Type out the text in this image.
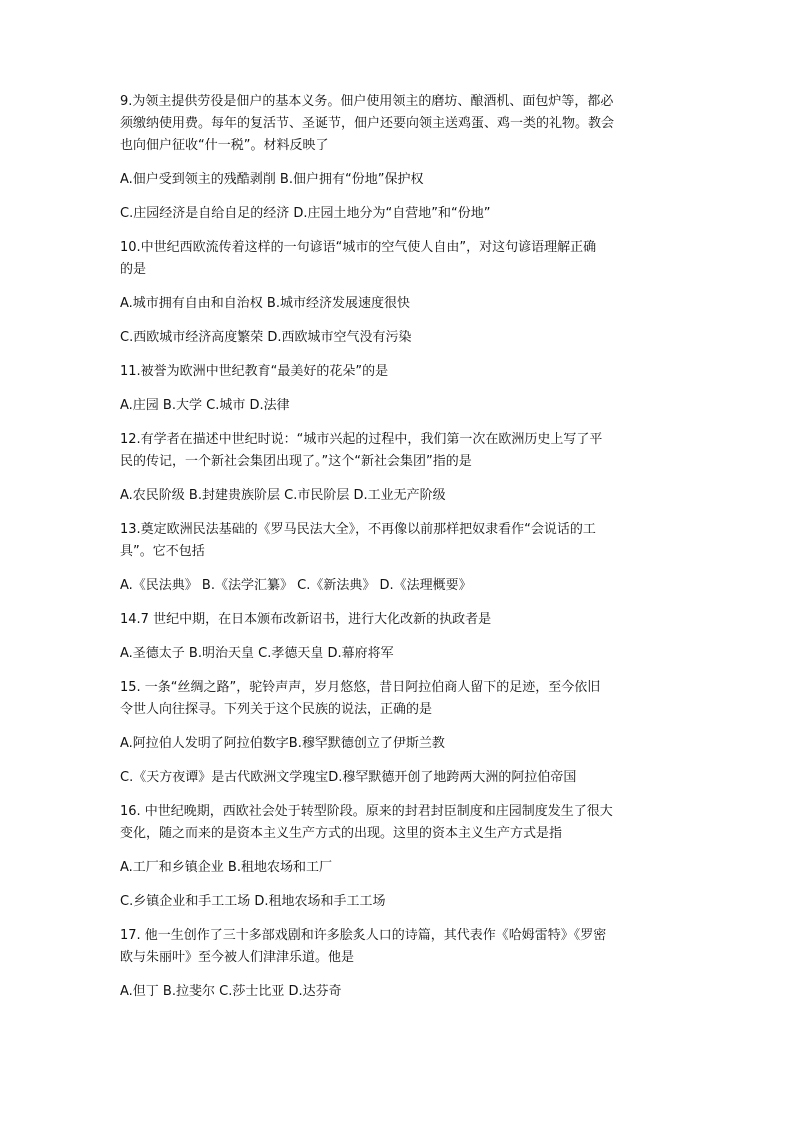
9.为领主提供劳役是佃户的基本义务。佃户使用领主的磨坊、酿酒机、面包炉等，都必
须缴纳使用费。每年的复活节、圣诞节，佃户还要向领主送鸡蛋、鸡一类的礼物。教会
也向佃户征收“什一税”。材料反映了

A.佃户受到领主的残酷剥削 B.佃户拥有“份地”保护权

C.庄园经济是自给自足的经济 D.庄园土地分为“自营地”和“份地”

10.中世纪西欧流传着这样的一句谚语“城市的空气使人自由”，对这句谚语理解正确
的是

A.城市拥有自由和自治权 B.城市经济发展速度很快

C.西欧城市经济高度繁荣 D.西欧城市空气没有污染

11.被誉为欧洲中世纪教育“最美好的花朵”的是

A.庄园 B.大学 C.城市 D.法律

12.有学者在描述中世纪时说：“城市兴起的过程中，我们第一次在欧洲历史上写了平
民的传记，一个新社会集团出现了。”这个“新社会集团”指的是

A.农民阶级 B.封建贵族阶层 C.市民阶层 D.工业无产阶级

13.奠定欧洲民法基础的《罗马民法大全》，不再像以前那样把奴隶看作“会说话的工
具”。它不包括

A.《民法典》 B.《法学汇纂》 C.《新法典》 D.《法理概要》

14.7 世纪中期，在日本颁布改新诏书，进行大化改新的执政者是

A.圣德太子 B.明治天皇 C.孝德天皇 D.幕府将军

15. 一条“丝绸之路”，驼铃声声，岁月悠悠，昔日阿拉伯商人留下的足迹，至今依旧
令世人向往探寻。下列关于这个民族的说法，正确的是

A.阿拉伯人发明了阿拉伯数字B.穆罕默德创立了伊斯兰教

C.《天方夜谭》是古代欧洲文学瑰宝D.穆罕默德开创了地跨两大洲的阿拉伯帝国

16. 中世纪晚期，西欧社会处于转型阶段。原来的封君封臣制度和庄园制度发生了很大
变化，随之而来的是资本主义生产方式的出现。这里的资本主义生产方式是指

A.工厂和乡镇企业 B.租地农场和工厂

C.乡镇企业和手工工场 D.租地农场和手工工场

17. 他一生创作了三十多部戏剧和许多脍炙人口的诗篇，其代表作《哈姆雷特》《罗密
欧与朱丽叶》至今被人们津津乐道。他是

A.但丁 B.拉斐尔 C.莎士比亚 D.达芬奇
